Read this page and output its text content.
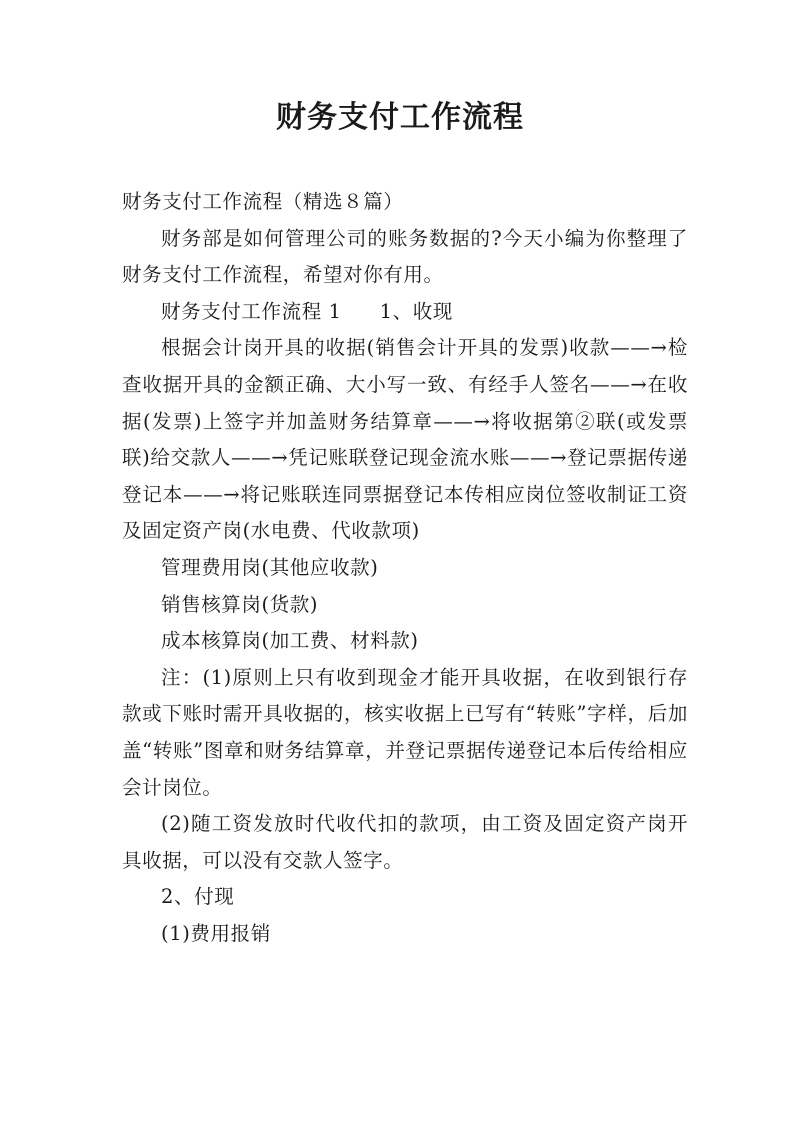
财务支付工作流程

财务支付工作流程（精选８篇）

财务部是如何管理公司的账务数据的?今天小编为你整理了财务支付工作流程，希望对你有用。

财务支付工作流程 1 1、收现

根据会计岗开具的收据(销售会计开具的发票)收款——→检查收据开具的金额正确、大小写一致、有经手人签名——→在收据(发票)上签字并加盖财务结算章——→将收据第②联(或发票联)给交款人——→凭记账联登记现金流水账——→登记票据传递登记本——→将记账联连同票据登记本传相应岗位签收制证工资及固定资产岗(水电费、代收款项)

管理费用岗(其他应收款)

销售核算岗(货款)

成本核算岗(加工费、材料款)

注：(1)原则上只有收到现金才能开具收据，在收到银行存款或下账时需开具收据的，核实收据上已写有“转账”字样，后加盖“转账”图章和财务结算章，并登记票据传递登记本后传给相应会计岗位。

(2)随工资发放时代收代扣的款项，由工资及固定资产岗开具收据，可以没有交款人签字。

2、付现

(1)费用报销
